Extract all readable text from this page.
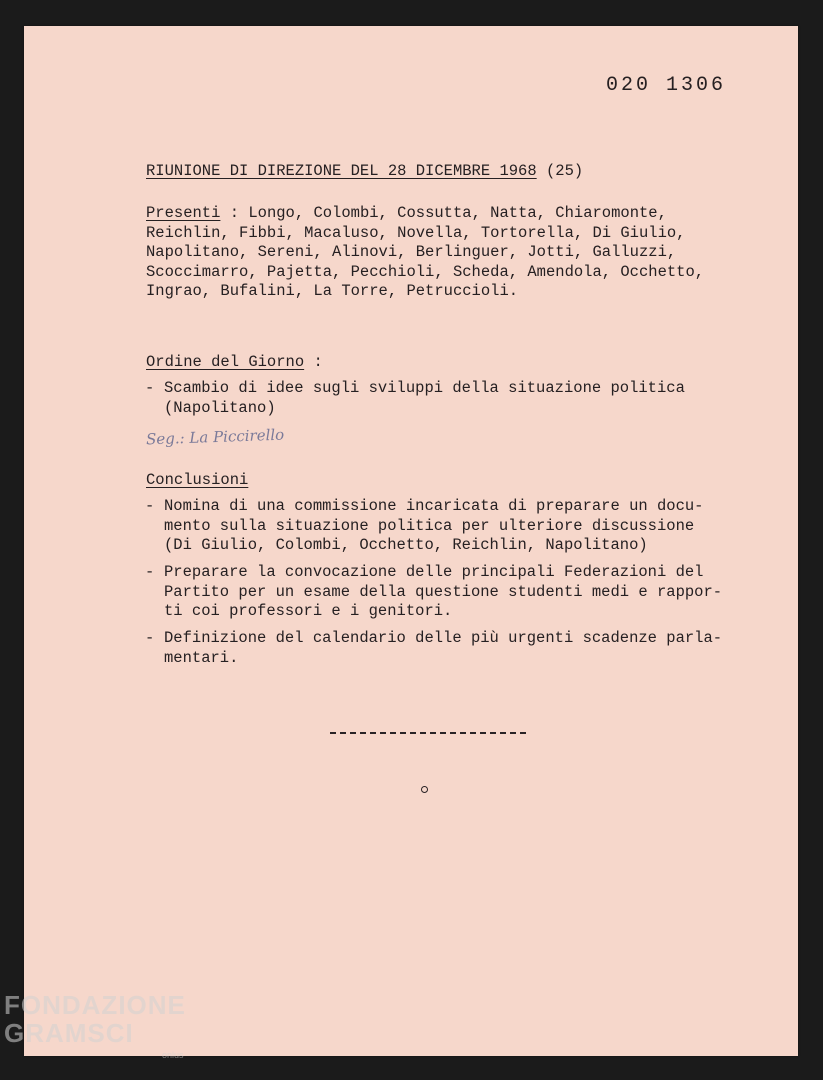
020 1306
RIUNIONE DI DIREZIONE DEL 28 DICEMBRE 1968 (25)
Presenti : Longo, Colombi, Cossutta, Natta, Chiaromonte,
Reichlin, Fibbi, Macaluso, Novella, Tortorella, Di Giulio,
Napolitano, Sereni, Alinovi, Berlinguer, Jotti, Galluzzi,
Scoccimarro, Pajetta, Pecchioli, Scheda, Amendola, Occhetto,
Ingrao, Bufalini, La Torre, Petruccioli.
Ordine del Giorno :
- Scambio di idee sugli sviluppi della situazione politica
(Napolitano)
Seg.: La Piccirello
Conclusioni
- Nomina di una commissione incaricata di preparare un docu-
mento sulla situazione politica per ulteriore discussione
(Di Giulio, Colombi, Occhetto, Reichlin, Napolitano)
- Preparare la convocazione delle principali Federazioni del
Partito per un esame della questione studenti medi e rappor-
ti coi professori e i genitori.
- Definizione del calendario delle più urgenti scadenze parla-
mentari.
FONDAZIONE
GRAMSCI
onlus
